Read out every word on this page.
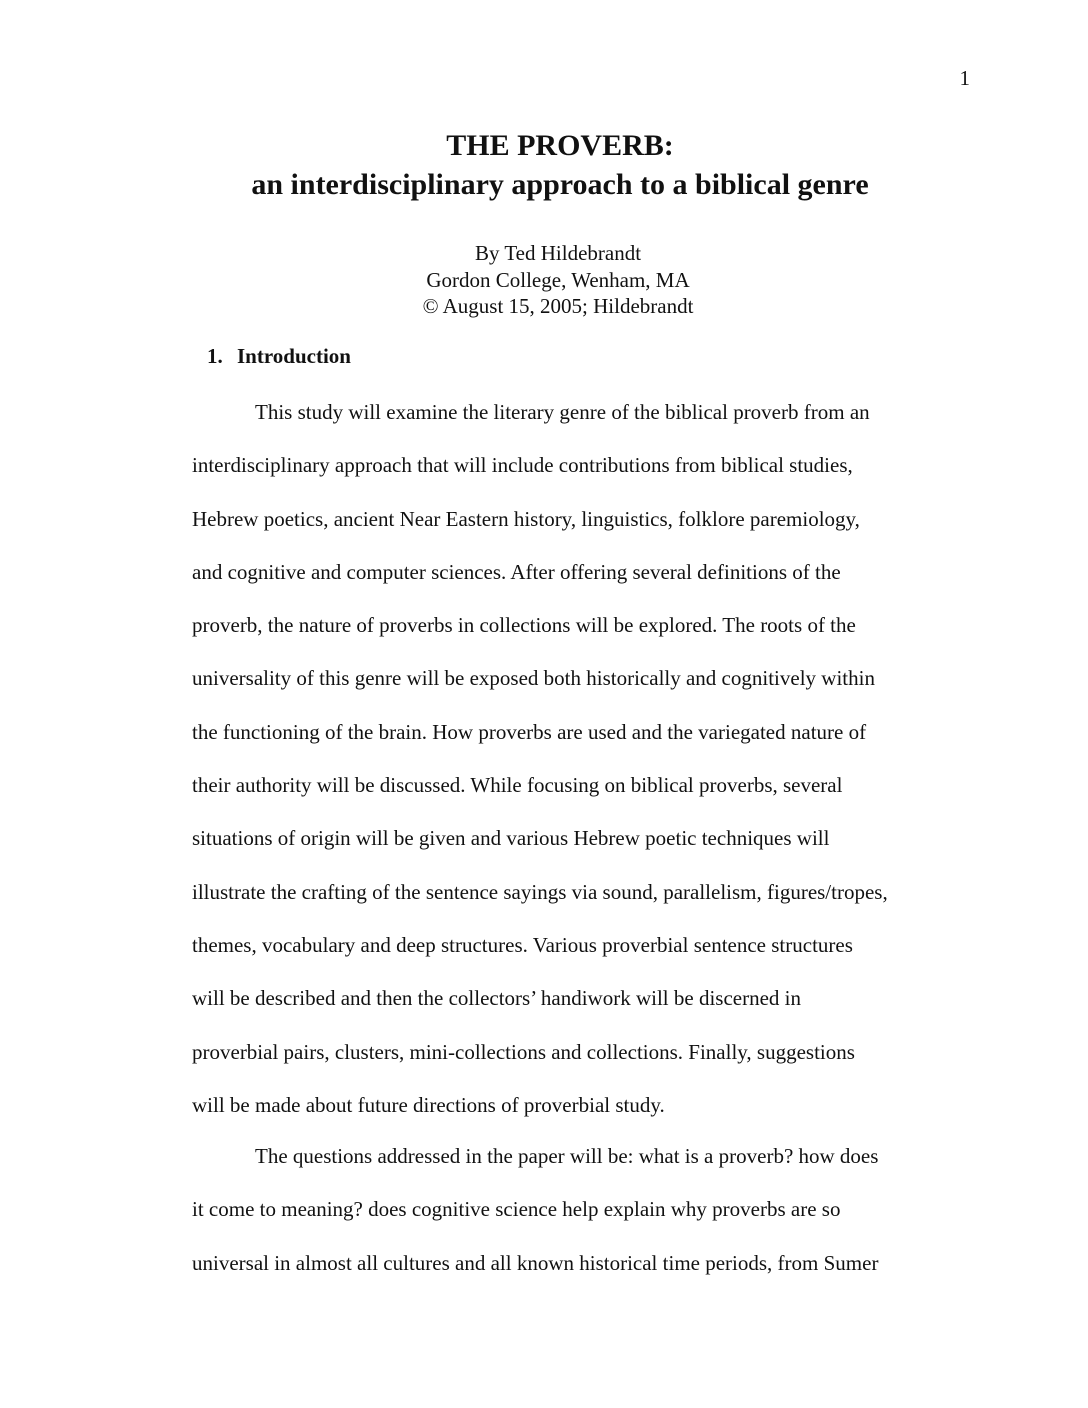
1
THE PROVERB:
an interdisciplinary approach to a biblical genre
By Ted Hildebrandt
Gordon College, Wenham, MA
© August 15, 2005; Hildebrandt
1. Introduction
This study will examine the literary genre of the biblical proverb from an
interdisciplinary approach that will include contributions from biblical studies,
Hebrew poetics, ancient Near Eastern history, linguistics, folklore paremiology,
and cognitive and computer sciences. After offering several definitions of the
proverb, the nature of proverbs in collections will be explored. The roots of the
universality of this genre will be exposed both historically and cognitively within
the functioning of the brain. How proverbs are used and the variegated nature of
their authority will be discussed. While focusing on biblical proverbs, several
situations of origin will be given and various Hebrew poetic techniques will
illustrate the crafting of the sentence sayings via sound, parallelism, figures/tropes,
themes, vocabulary and deep structures. Various proverbial sentence structures
will be described and then the collectors’ handiwork will be discerned in
proverbial pairs, clusters, mini-collections and collections. Finally, suggestions
will be made about future directions of proverbial study.
The questions addressed in the paper will be: what is a proverb? how does
it come to meaning? does cognitive science help explain why proverbs are so
universal in almost all cultures and all known historical time periods, from Sumer
